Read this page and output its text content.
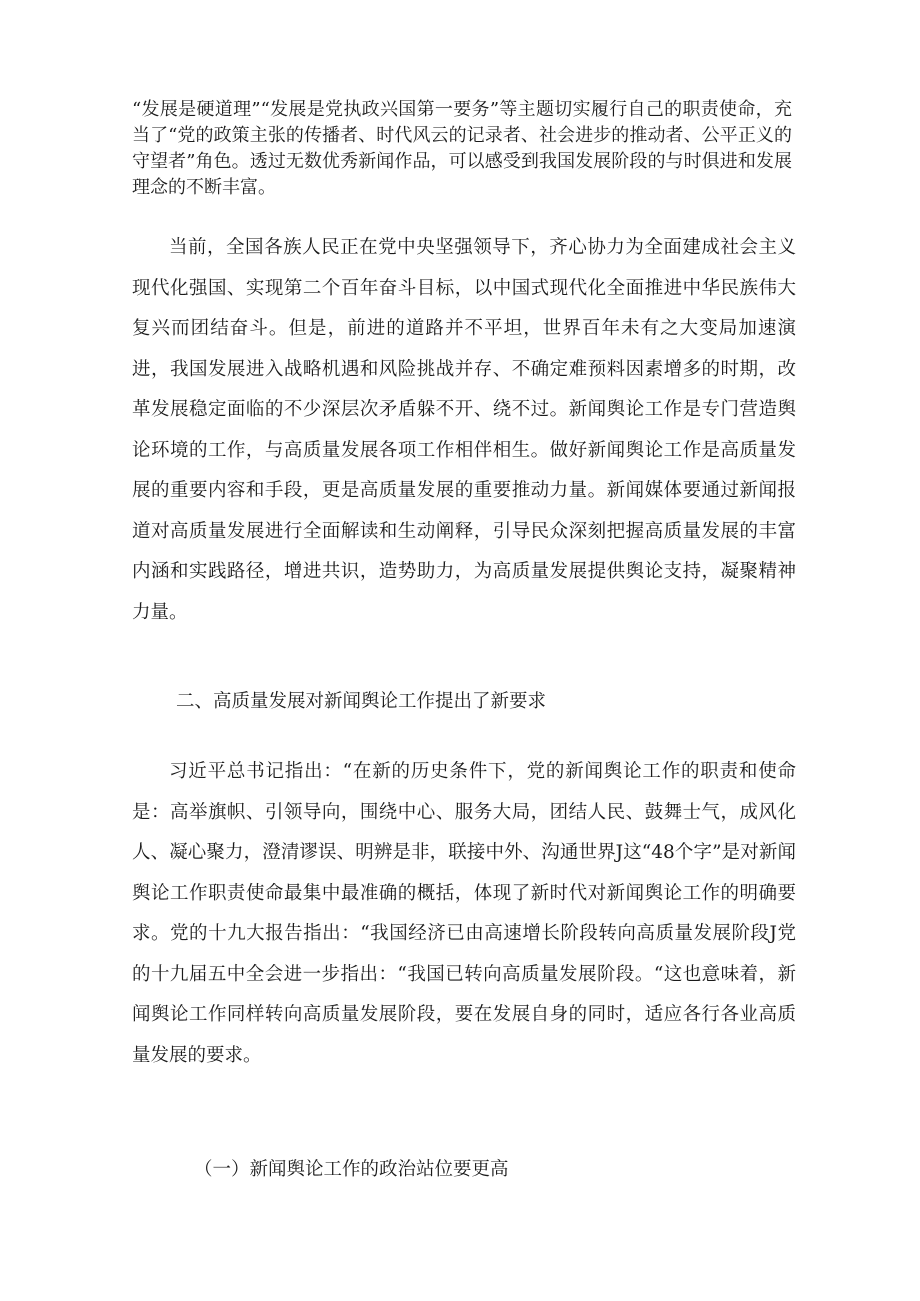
“发展是硬道理”“发展是党执政兴国第一要务”等主题切实履行自己的职责使命，充当了“党的政策主张的传播者、时代风云的记录者、社会进步的推动者、公平正义的守望者”角色。透过无数优秀新闻作品，可以感受到我国发展阶段的与时俱进和发展理念的不断丰富。

当前，全国各族人民正在党中央坚强领导下，齐心协力为全面建成社会主义现代化强国、实现第二个百年奋斗目标，以中国式现代化全面推进中华民族伟大复兴而团结奋斗。但是，前进的道路并不平坦，世界百年未有之大变局加速演进，我国发展进入战略机遇和风险挑战并存、不确定难预料因素增多的时期，改革发展稳定面临的不少深层次矛盾躲不开、绕不过。新闻舆论工作是专门营造舆论环境的工作，与高质量发展各项工作相伴相生。做好新闻舆论工作是高质量发展的重要内容和手段，更是高质量发展的重要推动力量。新闻媒体要通过新闻报道对高质量发展进行全面解读和生动阐释，引导民众深刻把握高质量发展的丰富内涵和实践路径，增进共识，造势助力，为高质量发展提供舆论支持，凝聚精神力量。

二、高质量发展对新闻舆论工作提出了新要求

习近平总书记指出：“在新的历史条件下，党的新闻舆论工作的职责和使命是：高举旗帜、引领导向，围绕中心、服务大局，团结人民、鼓舞士气，成风化人、凝心聚力，澄清谬误、明辨是非，联接中外、沟通世界J这“48个字”是对新闻舆论工作职责使命最集中最准确的概括，体现了新时代对新闻舆论工作的明确要求。党的十九大报告指出：“我国经济已由高速增长阶段转向高质量发展阶段J党的十九届五中全会进一步指出：“我国已转向高质量发展阶段。“这也意味着，新闻舆论工作同样转向高质量发展阶段，要在发展自身的同时，适应各行各业高质量发展的要求。

（一）新闻舆论工作的政治站位要更高
